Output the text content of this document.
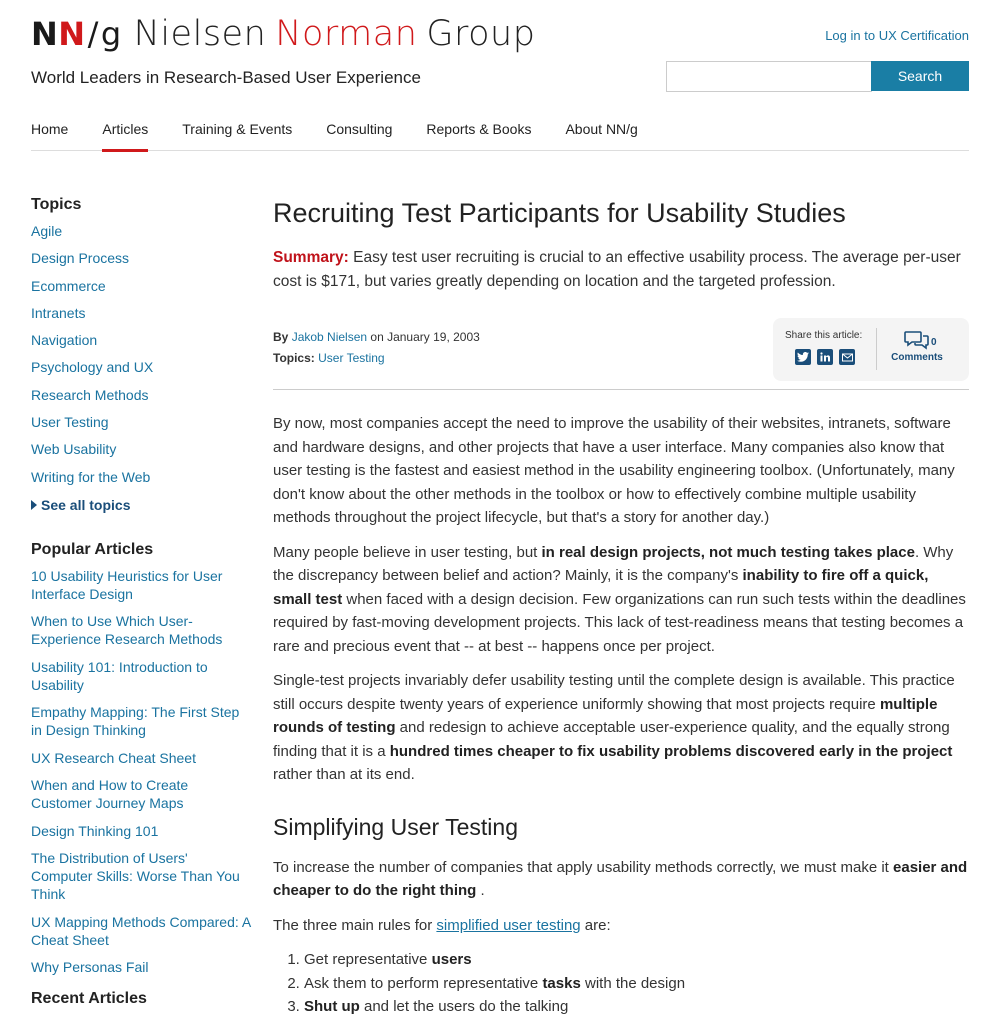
N N / g Nielsen Norman Group
World Leaders in Research-Based User Experience
Log in to UX Certification
Search
Home Articles Training & Events Consulting Reports & Books About NN/g
Topics
Agile
Design Process
Ecommerce
Intranets
Navigation
Psychology and UX
Research Methods
User Testing
Web Usability
Writing for the Web
See all topics
Popular Articles
10 Usability Heuristics for User Interface Design
When to Use Which User-Experience Research Methods
Usability 101: Introduction to Usability
Empathy Mapping: The First Step in Design Thinking
UX Research Cheat Sheet
When and How to Create Customer Journey Maps
Design Thinking 101
The Distribution of Users' Computer Skills: Worse Than You Think
UX Mapping Methods Compared: A Cheat Sheet
Why Personas Fail
Recent Articles
Recruiting Test Participants for Usability Studies
Summary: Easy test user recruiting is crucial to an effective usability process. The average per-user cost is $171, but varies greatly depending on location and the targeted profession.
By Jakob Nielsen on January 19, 2003
Topics: User Testing
Share this article:
0
Comments

By now, most companies accept the need to improve the usability of their websites, intranets, software and hardware designs, and other projects that have a user interface. Many companies also know that user testing is the fastest and easiest method in the usability engineering toolbox. (Unfortunately, many don't know about the other methods in the toolbox or how to effectively combine multiple usability methods throughout the project lifecycle, but that's a story for another day.)

Many people believe in user testing, but in real design projects, not much testing takes place. Why the discrepancy between belief and action? Mainly, it is the company's inability to fire off a quick, small test when faced with a design decision. Few organizations can run such tests within the deadlines required by fast-moving development projects. This lack of test-readiness means that testing becomes a rare and precious event that -- at best -- happens once per project.

Single-test projects invariably defer usability testing until the complete design is available. This practice still occurs despite twenty years of experience uniformly showing that most projects require multiple rounds of testing and redesign to achieve acceptable user-experience quality, and the equally strong finding that it is a hundred times cheaper to fix usability problems discovered early in the project rather than at its end.

Simplifying User Testing

To increase the number of companies that apply usability methods correctly, we must make it easier and cheaper to do the right thing .

The three main rules for simplified user testing are:

1. Get representative users
2. Ask them to perform representative tasks with the design
3. Shut up and let the users do the talking
